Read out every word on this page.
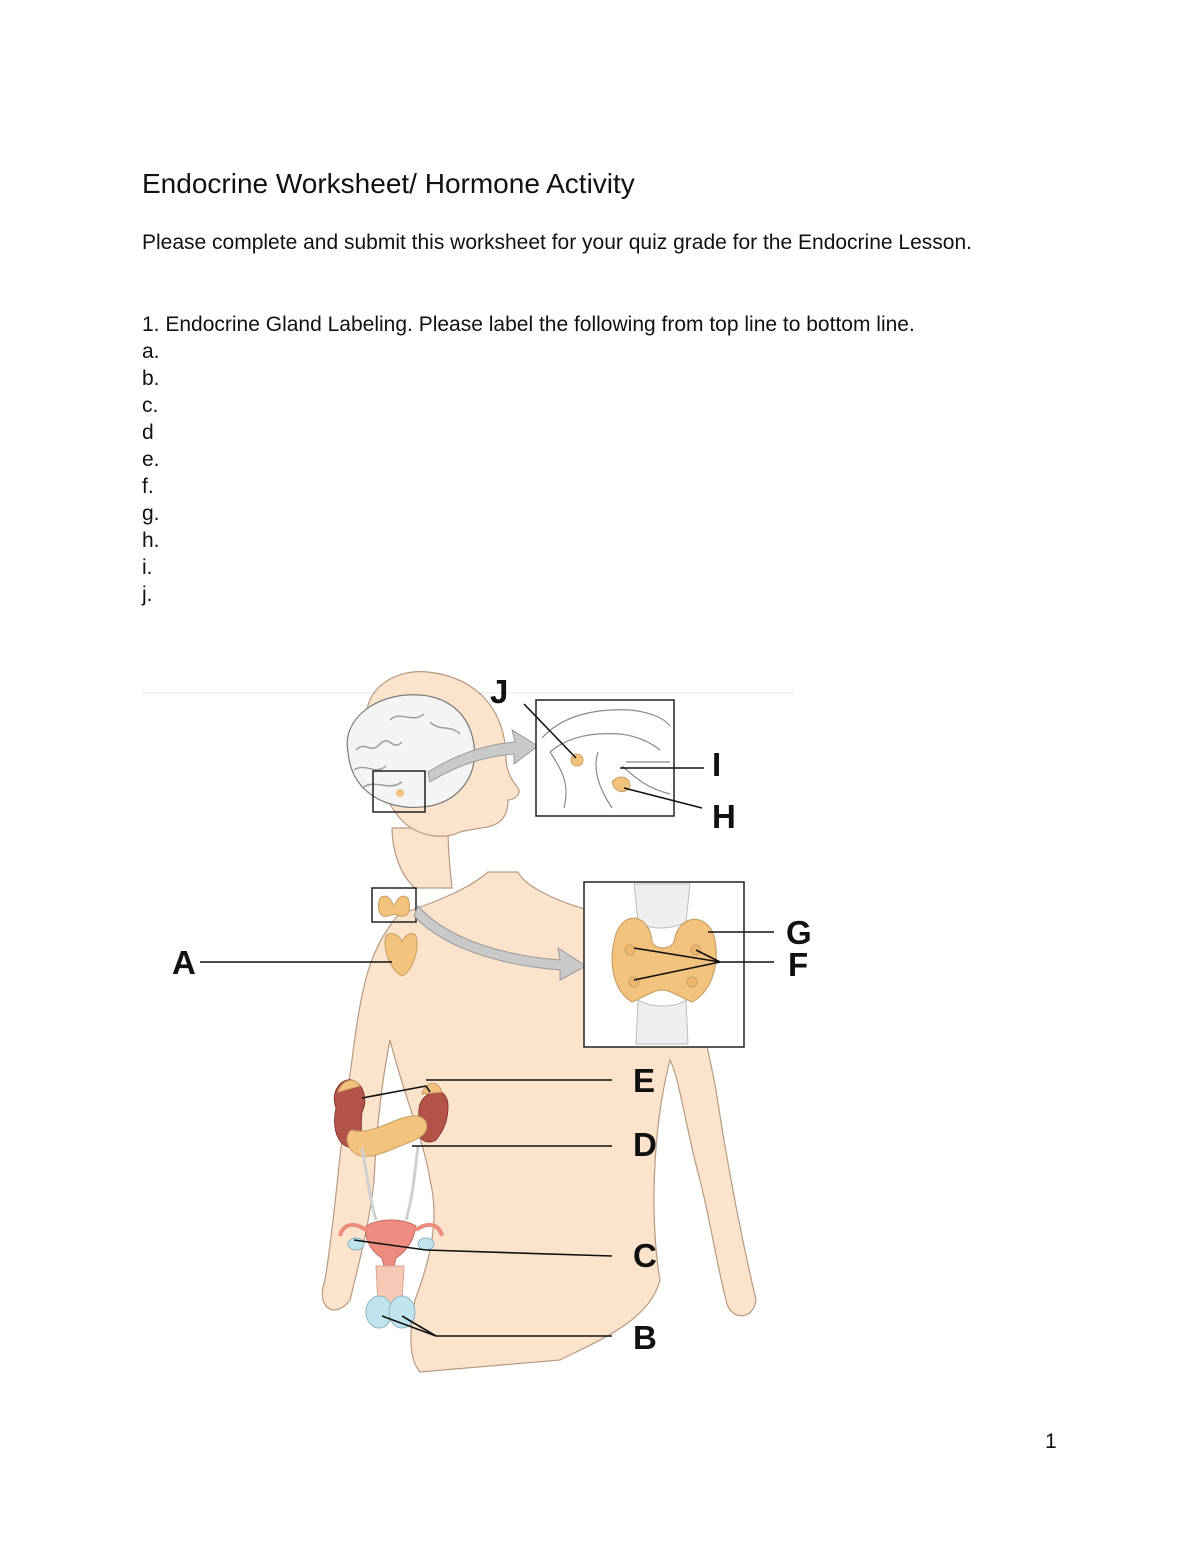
Endocrine Worksheet/ Hormone Activity
Please complete and submit this worksheet for your quiz grade for the Endocrine Lesson.
1. Endocrine Gland Labeling. Please label the following from top line to bottom line.
a.
b.
c.
d
e.
f.
g.
h.
i.
j.
J
I
H
G
F
A
E
D
C
B
1
